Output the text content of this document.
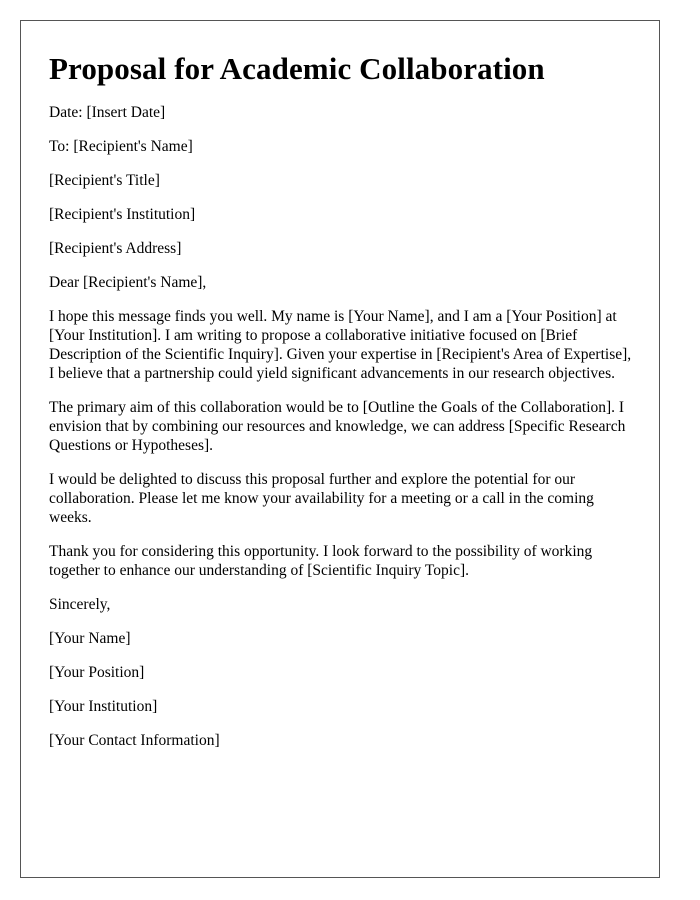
Proposal for Academic Collaboration

Date: [Insert Date]

To: [Recipient's Name]

[Recipient's Title]

[Recipient's Institution]

[Recipient's Address]

Dear [Recipient's Name],

I hope this message finds you well. My name is [Your Name], and I am a [Your Position] at [Your Institution]. I am writing to propose a collaborative initiative focused on [Brief Description of the Scientific Inquiry]. Given your expertise in [Recipient's Area of Expertise], I believe that a partnership could yield significant advancements in our research objectives.

The primary aim of this collaboration would be to [Outline the Goals of the Collaboration]. I envision that by combining our resources and knowledge, we can address [Specific Research Questions or Hypotheses].

I would be delighted to discuss this proposal further and explore the potential for our collaboration. Please let me know your availability for a meeting or a call in the coming weeks.

Thank you for considering this opportunity. I look forward to the possibility of working together to enhance our understanding of [Scientific Inquiry Topic].

Sincerely,

[Your Name]

[Your Position]

[Your Institution]

[Your Contact Information]
